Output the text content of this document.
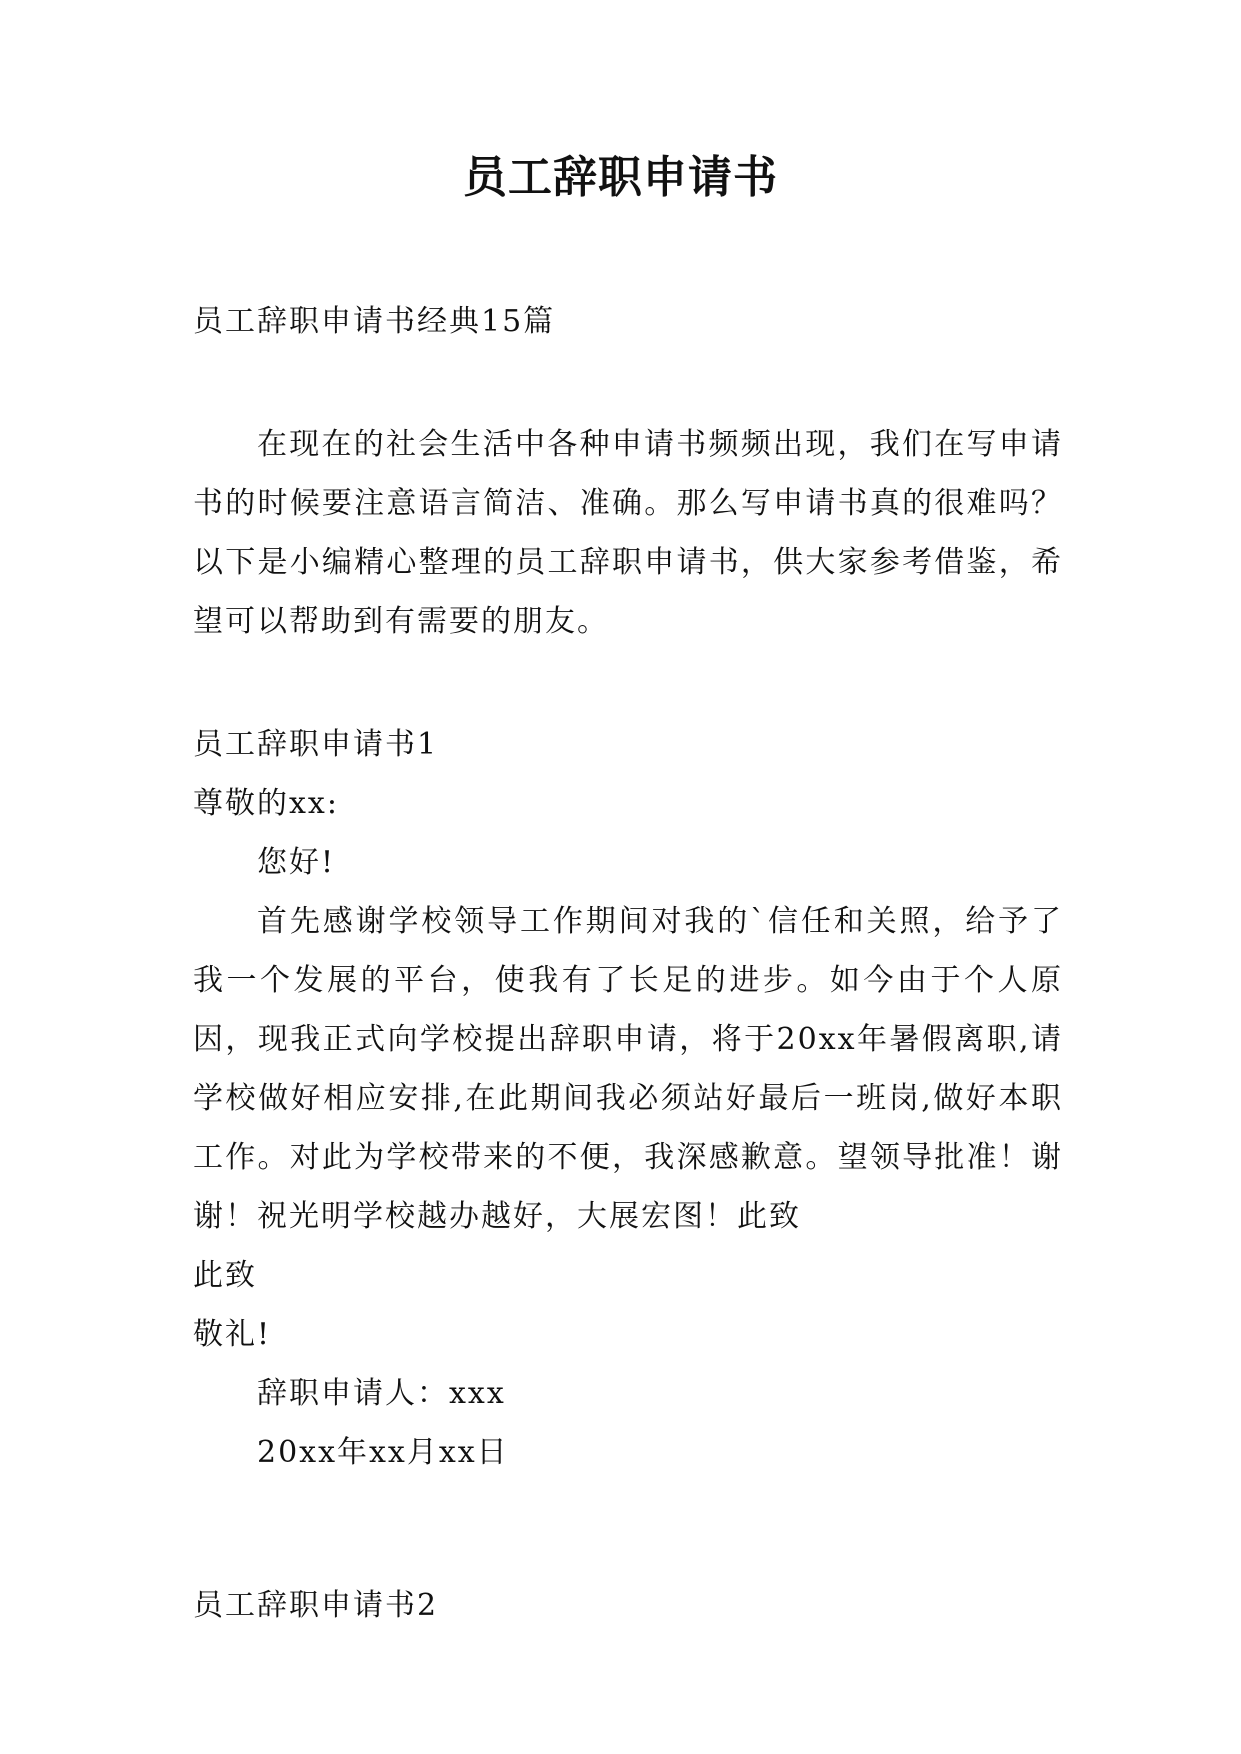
员工辞职申请书
员工辞职申请书经典15篇
在现在的社会生活中各种申请书频频出现，我们在写申请书的时候要注意语言简洁、准确。那么写申请书真的很难吗？以下是小编精心整理的员工辞职申请书，供大家参考借鉴，希望可以帮助到有需要的朋友。
员工辞职申请书1
尊敬的xx:
您好!
首先感谢学校领导工作期间对我的`信任和关照，给予了我一个发展的平台，使我有了长足的进步。如今由于个人原因，现我正式向学校提出辞职申请，将于20xx年暑假离职,请学校做好相应安排,在此期间我必须站好最后一班岗,做好本职工作。对此为学校带来的不便，我深感歉意。望领导批准！谢谢！祝光明学校越办越好，大展宏图！此致
此致
敬礼!
辞职申请人：xxx
20xx年xx月xx日
员工辞职申请书2
